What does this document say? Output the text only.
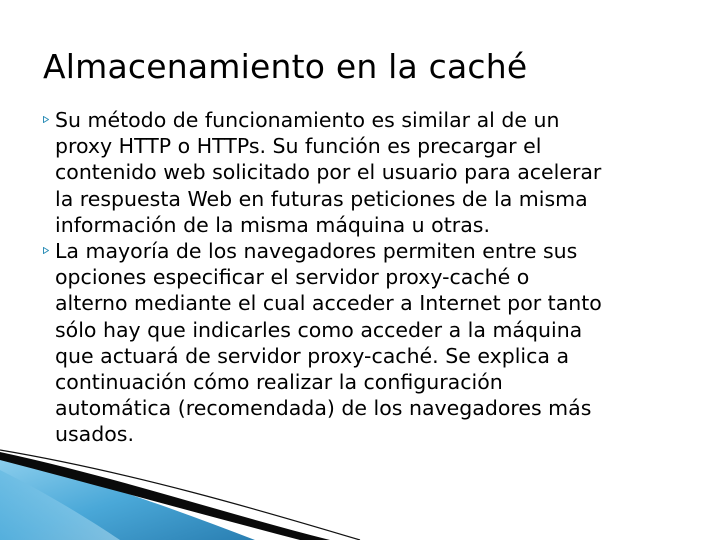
Almacenamiento en la caché

Su método de funcionamiento es similar al de un
proxy HTTP o HTTPs. Su función es precargar el
contenido web solicitado por el usuario para acelerar
la respuesta Web en futuras peticiones de la misma
información de la misma máquina u otras.

La mayoría de los navegadores permiten entre sus
opciones especificar el servidor proxy-caché o
alterno mediante el cual acceder a Internet por tanto
sólo hay que indicarles como acceder a la máquina
que actuará de servidor proxy-caché. Se explica a
continuación cómo realizar la configuración
automática (recomendada) de los navegadores más
usados.
